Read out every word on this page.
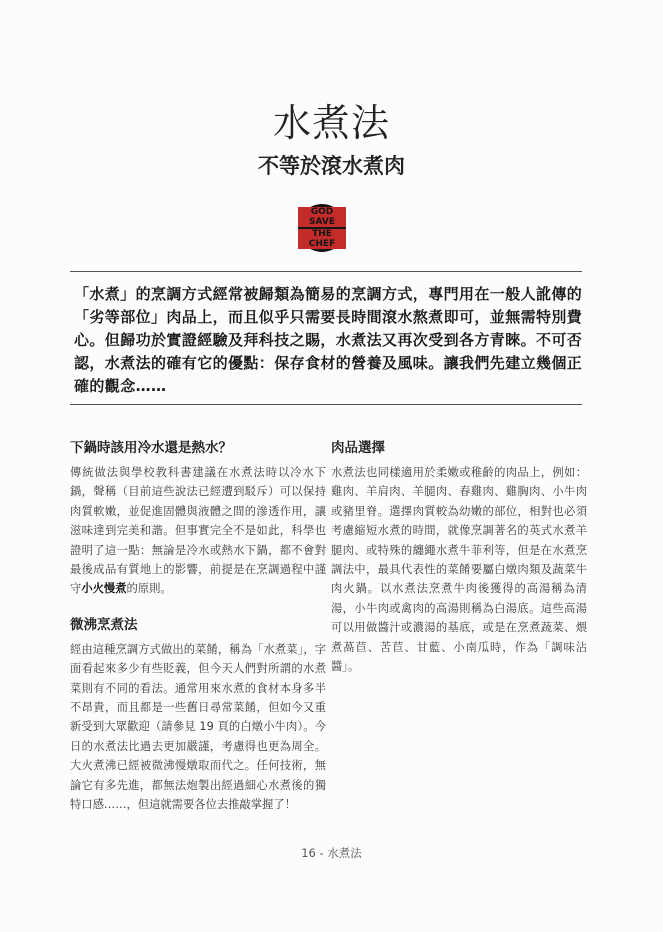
水煮法
不等於滾水煮肉
GOD SAVE
THE CHEF
「水煮」的烹調方式經常被歸類為簡易的烹調方式，專門用在一般人訛傳的「劣等部位」肉品上，而且似乎只需要長時間滾水熬煮即可，並無需特別費心。但歸功於實證經驗及拜科技之賜，水煮法又再次受到各方青睞。不可否認，水煮法的確有它的優點：保存食材的營養及風味。讓我們先建立幾個正確的觀念……
下鍋時該用冷水還是熱水？

傳統做法與學校教科書建議在水煮法時以冷水下鍋，聲稱（目前這些說法已經遭到駁斥）可以保持肉質軟嫩，並促進固體與液體之間的滲透作用，讓滋味達到完美和諧。但事實完全不是如此，科學也證明了這一點：無論是冷水或熱水下鍋，都不會對最後成品有質地上的影響，前提是在烹調過程中謹守小火慢煮的原則。

微沸烹煮法

經由這種烹調方式做出的菜餚，稱為「水煮菜」，字面看起來多少有些貶義，但今天人們對所謂的水煮菜則有不同的看法。通常用來水煮的食材本身多半不昂貴，而且都是一些舊日尋常菜餚，但如今又重新受到大眾歡迎（請參見 19 頁的白燉小牛肉）。今日的水煮法比過去更加嚴謹，考慮得也更為周全。大火煮沸已經被微沸慢燉取而代之。任何技術，無論它有多先進，都無法炮製出經過細心水煮後的獨特口感……，但這就需要各位去推敲掌握了！

肉品選擇

水煮法也同樣適用於柔嫩或稚齡的肉品上，例如：雞肉、羊肩肉、羊腿肉、春雞肉、雞胸肉、小牛肉或豬里脊。選擇肉質較為幼嫩的部位，相對也必須考慮縮短水煮的時間，就像烹調著名的英式水煮羊腿肉、或特殊的纏繩水煮牛菲利等，但是在水煮烹調法中，最具代表性的菜餚要屬白燉肉類及蔬菜牛肉火鍋。以水煮法烹煮牛肉後獲得的高湯稱為清湯，小牛肉或禽肉的高湯則稱為白湯底。這些高湯可以用做醬汁或濃湯的基底，或是在烹煮蔬菜、煨煮萵苣、苦苣、甘藍、小南瓜時，作為「調味沾醬」。

16 - 水煮法
